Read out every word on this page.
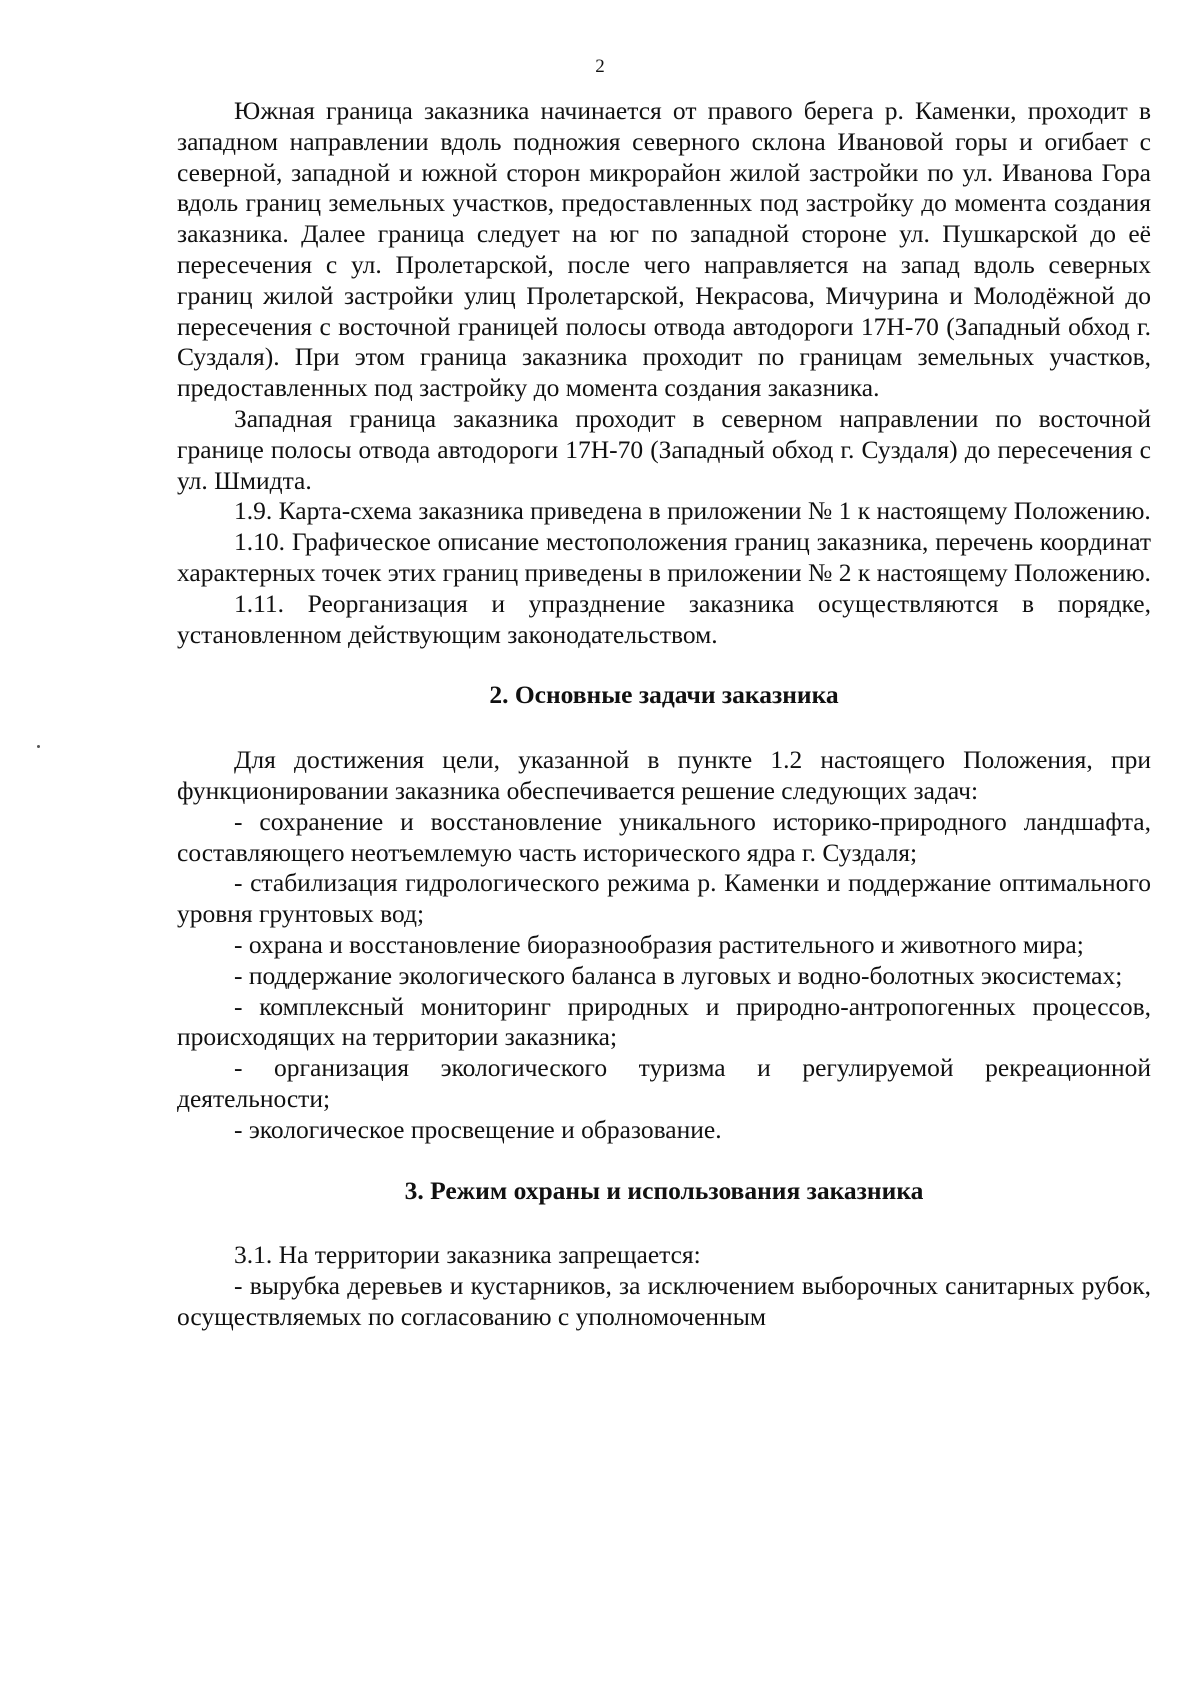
2

Южная граница заказника начинается от правого берега р. Каменки, проходит в западном направлении вдоль подножия северного склона Ивановой горы и огибает с северной, западной и южной сторон микрорайон жилой застройки по ул. Иванова Гора вдоль границ земельных участков, предоставленных под застройку до момента создания заказника. Далее граница следует на юг по западной стороне ул. Пушкарской до её пересечения с ул. Пролетарской, после чего направляется на запад вдоль северных границ жилой застройки улиц Пролетарской, Некрасова, Мичурина и Молодёжной до пересечения с восточной границей полосы отвода автодороги 17Н-70 (Западный обход г. Суздаля). При этом граница заказника проходит по границам земельных участков, предоставленных под застройку до момента создания заказника.

Западная граница заказника проходит в северном направлении по восточной границе полосы отвода автодороги 17Н-70 (Западный обход г. Суздаля) до пересечения с ул. Шмидта.

1.9. Карта-схема заказника приведена в приложении № 1 к настоящему Положению.

1.10. Графическое описание местоположения границ заказника, перечень координат характерных точек этих границ приведены в приложении № 2 к настоящему Положению.

1.11. Реорганизация и упразднение заказника осуществляются в порядке, установленном действующим законодательством.

2. Основные задачи заказника

Для достижения цели, указанной в пункте 1.2 настоящего Положения, при функционировании заказника обеспечивается решение следующих задач:

- сохранение и восстановление уникального историко-природного ландшафта, составляющего неотъемлемую часть исторического ядра г. Суздаля;

- стабилизация гидрологического режима р. Каменки и поддержание оптимального уровня грунтовых вод;

- охрана и восстановление биоразнообразия растительного и животного мира;

- поддержание экологического баланса в луговых и водно-болотных экосистемах;

- комплексный мониторинг природных и природно-антропогенных процессов, происходящих на территории заказника;

- организация экологического туризма и регулируемой рекреационной деятельности;

- экологическое просвещение и образование.

3. Режим охраны и использования заказника

3.1. На территории заказника запрещается:

- вырубка деревьев и кустарников, за исключением выборочных санитарных рубок, осуществляемых по согласованию с уполномоченным
